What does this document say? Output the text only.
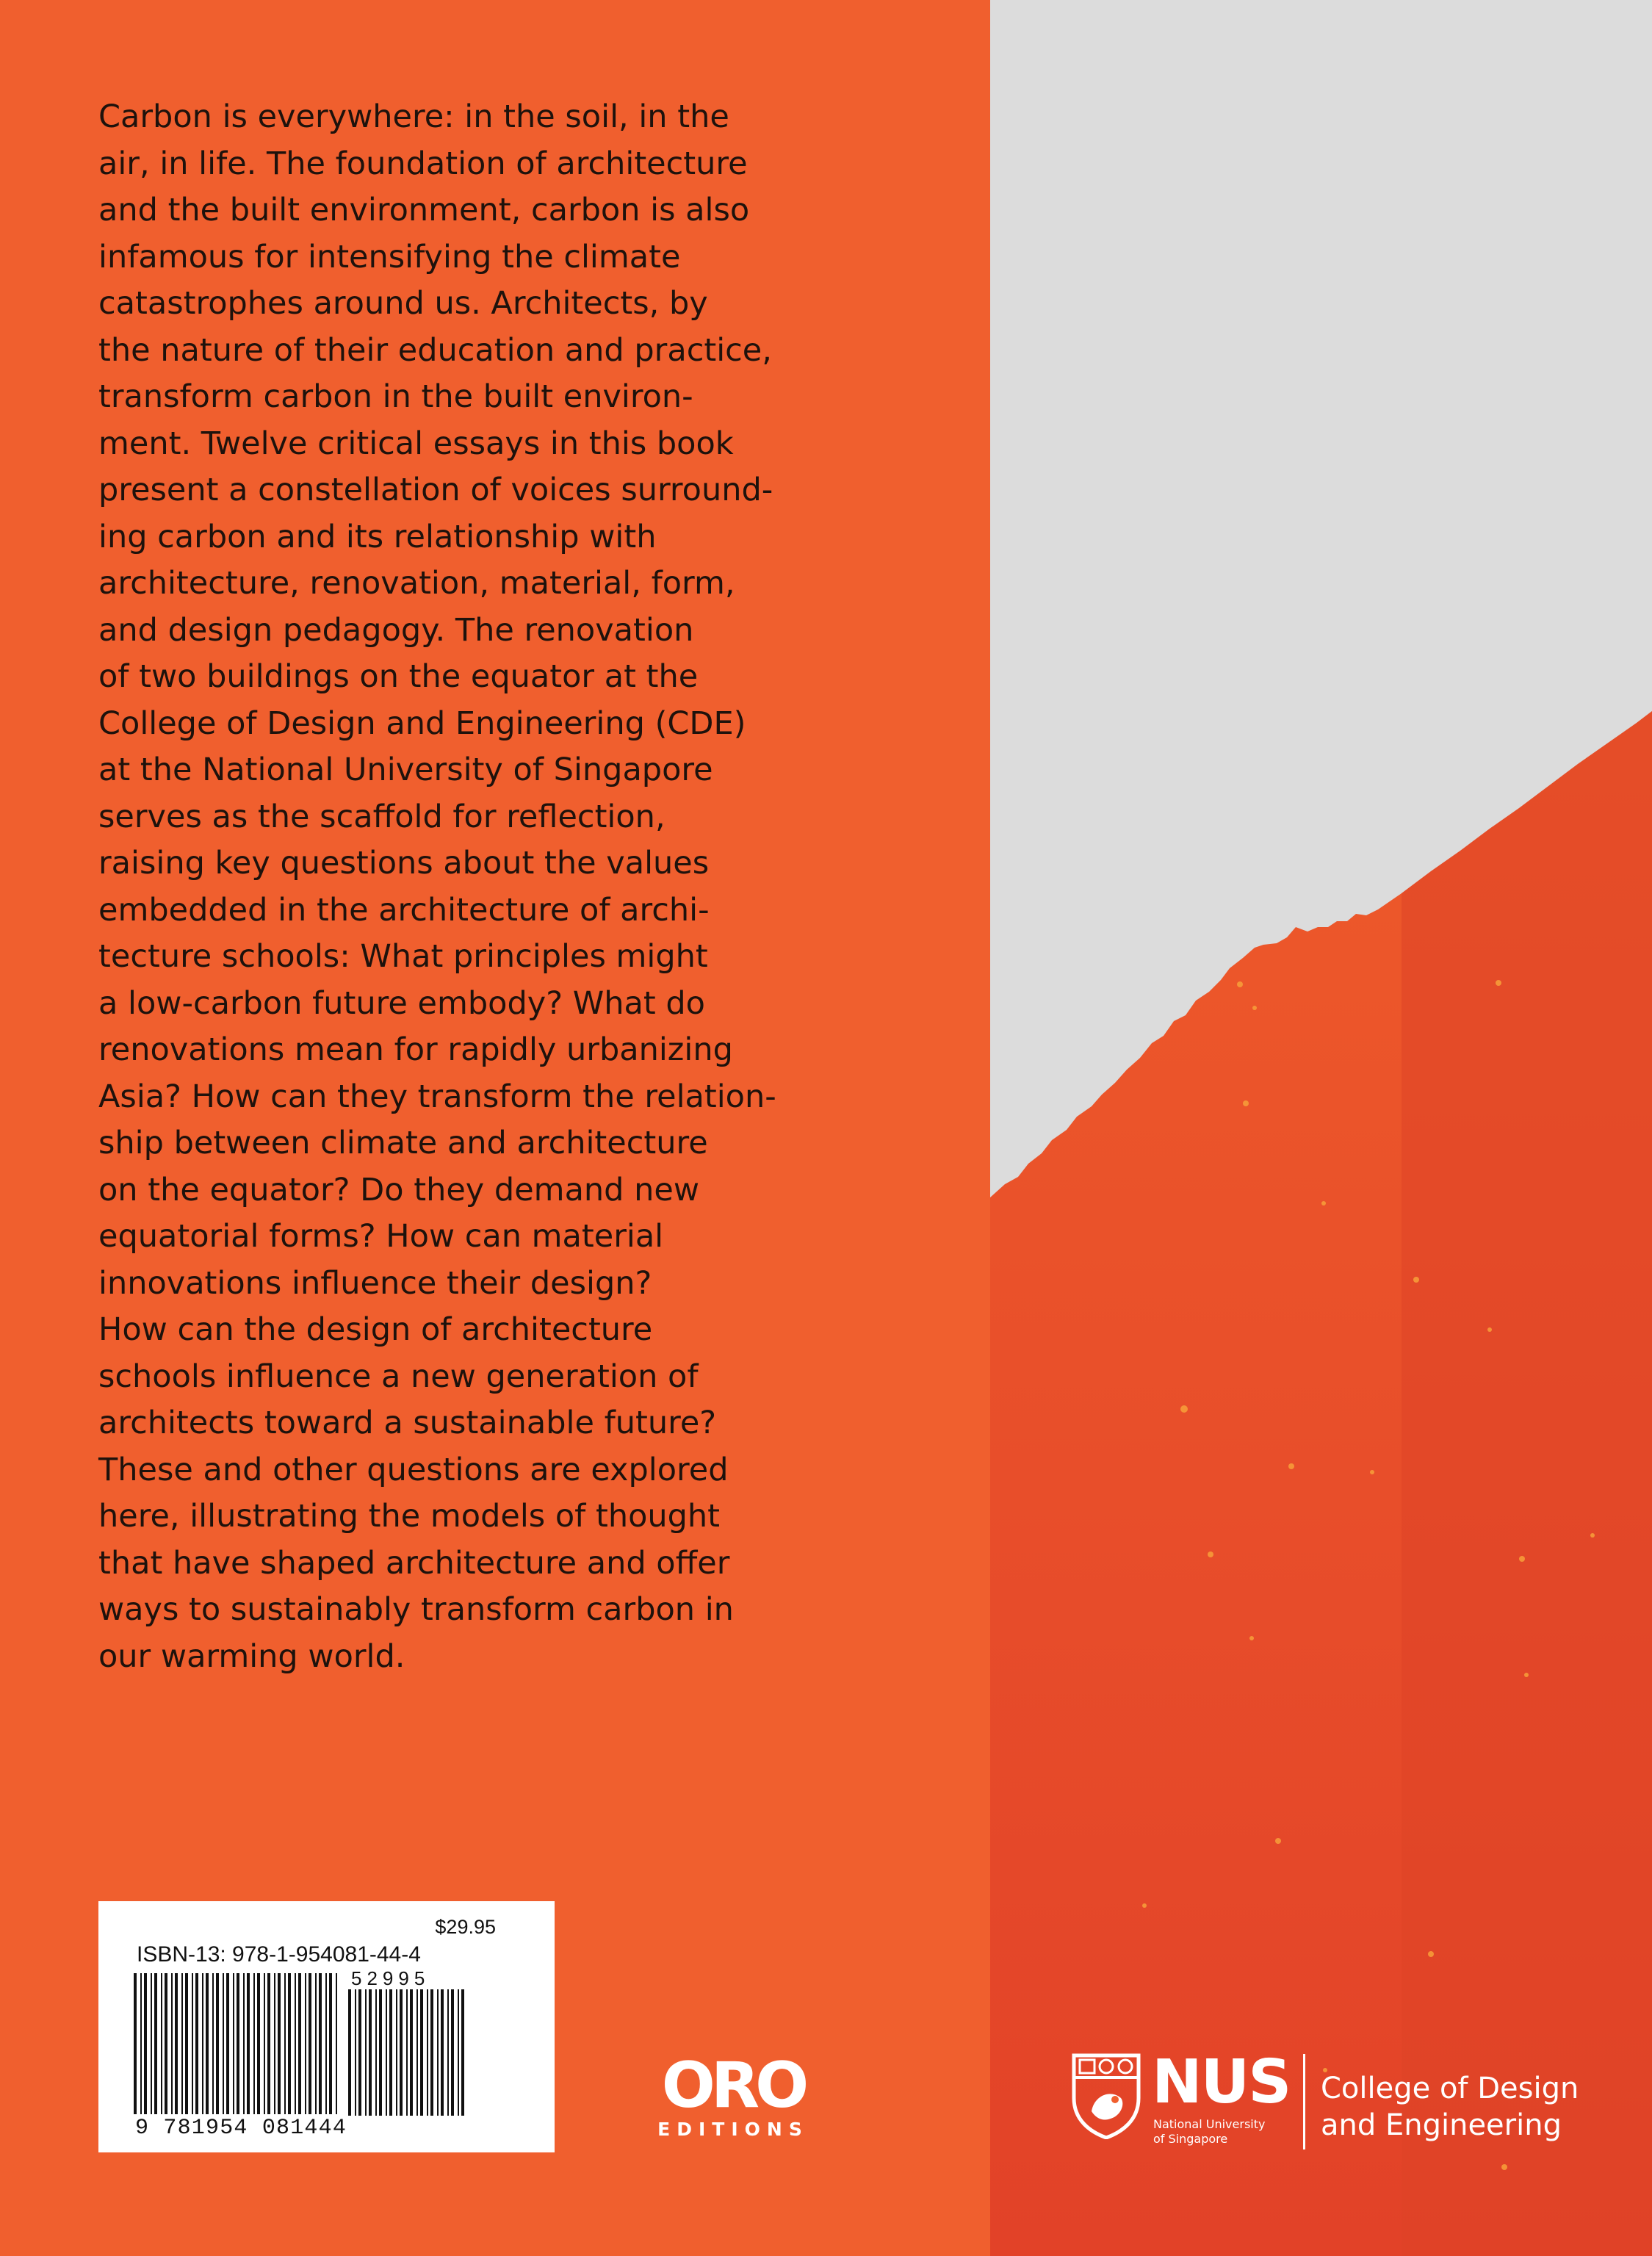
Carbon is everywhere: in the soil, in the
air, in life. The foundation of architecture
and the built environment, carbon is also
infamous for intensifying the climate
catastrophes around us. Architects, by
the nature of their education and practice,
transform carbon in the built environ-
ment. Twelve critical essays in this book
present a constellation of voices surround-
ing carbon and its relationship with
architecture, renovation, material, form,
and design pedagogy. The renovation
of two buildings on the equator at the
College of Design and Engineering (CDE)
at the National University of Singapore
serves as the scaffold for reflection,
raising key questions about the values
embedded in the architecture of archi-
tecture schools: What principles might
a low-carbon future embody? What do
renovations mean for rapidly urbanizing
Asia? How can they transform the relation-
ship between climate and architecture
on the equator? Do they demand new
equatorial forms? How can material
innovations influence their design?
How can the design of architecture
schools influence a new generation of
architects toward a sustainable future?
These and other questions are explored
here, illustrating the models of thought
that have shaped architecture and offer
ways to sustainably transform carbon in
our warming world.
$29.95
ISBN-13: 978-1-954081-44-4
52995
9 781954 081444
ORO
EDITIONS
NUS
National University
of Singapore
College of Design
and Engineering
